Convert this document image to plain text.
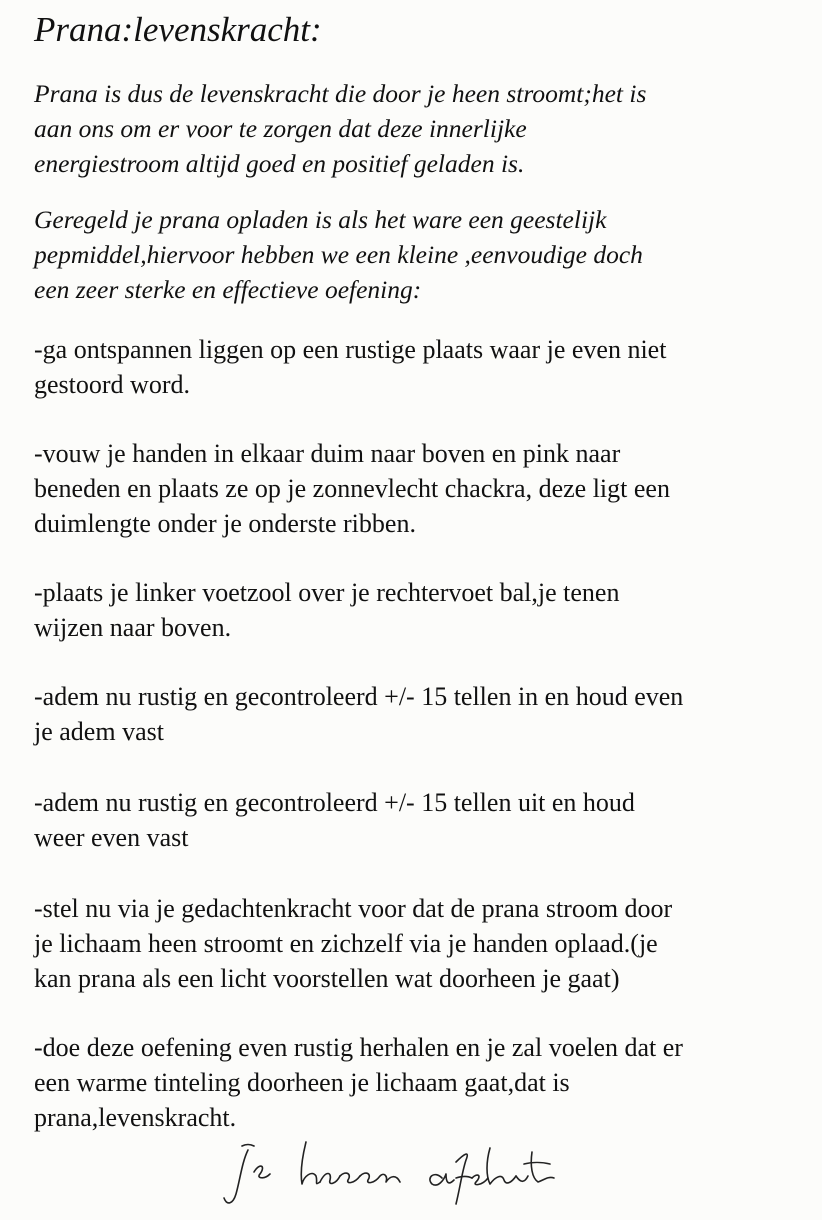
Prana:levenskracht:

Prana is dus de levenskracht die door je heen stroomt;het is
aan ons om er voor te zorgen dat deze innerlijke
energiestroom altijd goed en positief geladen is.

Geregeld je prana opladen is als het ware een geestelijk
pepmiddel,hiervoor hebben we een kleine ,eenvoudige doch
een zeer sterke en effectieve oefening:

-ga ontspannen liggen op een rustige plaats waar je even niet
gestoord word.

-vouw je handen in elkaar duim naar boven en pink naar
beneden en plaats ze op je zonnevlecht chackra, deze ligt een
duimlengte onder je onderste ribben.

-plaats je linker voetzool over je rechtervoet bal,je tenen
wijzen naar boven.

-adem nu rustig en gecontroleerd +/- 15 tellen in en houd even
je adem vast

-adem nu rustig en gecontroleerd +/- 15 tellen uit en houd
weer even vast

-stel nu via je gedachtenkracht voor dat de prana stroom door
je lichaam heen stroomt en zichzelf via je handen oplaad.(je
kan prana als een licht voorstellen wat doorheen je gaat)

-doe deze oefening even rustig herhalen en je zal voelen dat er
een warme tinteling doorheen je lichaam gaat,dat is
prana,levenskracht.
